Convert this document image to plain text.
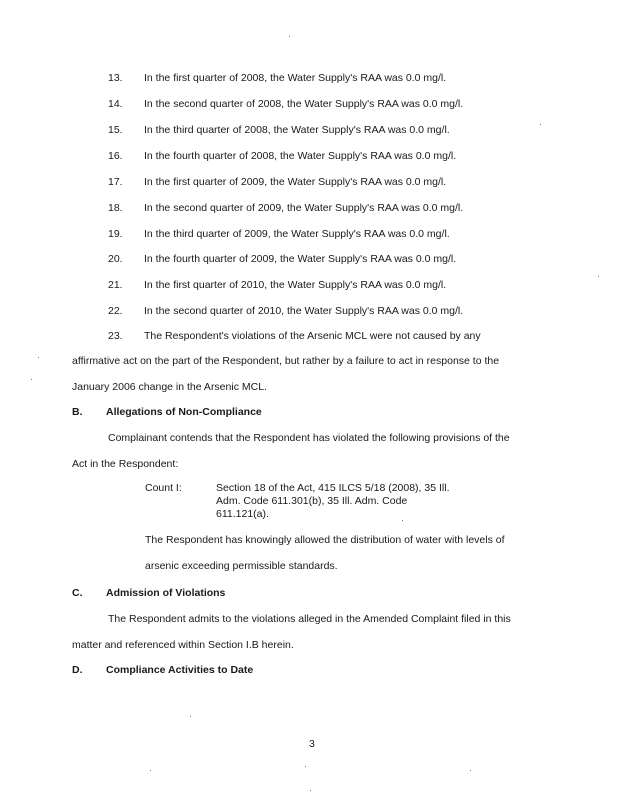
13. In the first quarter of 2008, the Water Supply's RAA was 0.0 mg/l.
14. In the second quarter of 2008, the Water Supply's RAA was 0.0 mg/l.
15. In the third quarter of 2008, the Water Supply's RAA was 0.0 mg/l.
16. In the fourth quarter of 2008, the Water Supply's RAA was 0.0 mg/l.
17. In the first quarter of 2009, the Water Supply's RAA was 0.0 mg/l.
18. In the second quarter of 2009, the Water Supply's RAA was 0.0 mg/l.
19. In the third quarter of 2009, the Water Supply's RAA was 0.0 mg/l.
20. In the fourth quarter of 2009, the Water Supply's RAA was 0.0 mg/l.
21. In the first quarter of 2010, the Water Supply's RAA was 0.0 mg/l.
22. In the second quarter of 2010, the Water Supply's RAA was 0.0 mg/l.
23. The Respondent's violations of the Arsenic MCL were not caused by any
affirmative act on the part of the Respondent, but rather by a failure to act in response to the
January 2006 change in the Arsenic MCL.
B. Allegations of Non-Compliance
Complainant contends that the Respondent has violated the following provisions of the
Act in the Respondent:
Count I:	Section 18 of the Act, 415 ILCS 5/18 (2008), 35 Ill.
Adm. Code 611.301(b), 35 Ill. Adm. Code
611.121(a).
The Respondent has knowingly allowed the distribution of water with levels of
arsenic exceeding permissible standards.
C. Admission of Violations
The Respondent admits to the violations alleged in the Amended Complaint filed in this
matter and referenced within Section I.B herein.
D. Compliance Activities to Date
3
